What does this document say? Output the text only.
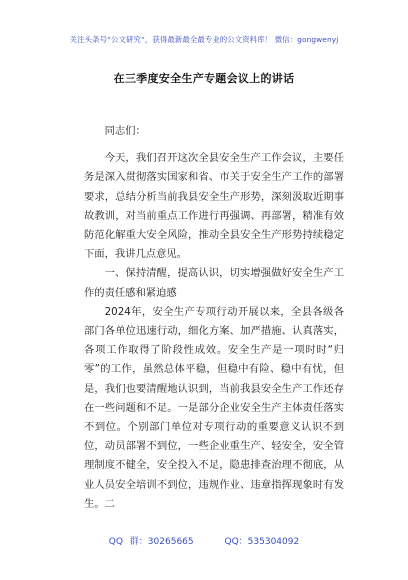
关注头条号“公文研究”，获得最新最全最专业的公文资料库！ 微信：gongwenyj
在三季度安全生产专题会议上的讲话

同志们：

今天，我们召开这次全县安全生产工作会议，主要任务是深入贯彻落实国家和省、市关于安全生产工作的部署要求，总结分析当前我县安全生产形势，深刻汲取近期事故教训，对当前重点工作进行再强调、再部署，精准有效防范化解重大安全风险，推动全县安全生产形势持续稳定下面，我讲几点意见。

一、保持清醒，提高认识，切实增强做好安全生产工作的责任感和紧迫感

2024年，安全生产专项行动开展以来，全县各级各部门各单位迅速行动，细化方案、加严措施、认真落实，各项工作取得了阶段性成效。安全生产是一项时时“归零”的工作，虽然总体平稳，但稳中有险、稳中有忧，但是，我们也要清醒地认识到，当前我县安全生产工作还存在一些问题和不足。一是部分企业安全生产主体责任落实不到位。个别部门单位对专项行动的重要意义认识不到位，动员部署不到位，一些企业重生产、轻安全，安全管理制度不健全，安全投入不足，隐患排查治理不彻底，从业人员安全培训不到位，违规作业、违章指挥现象时有发生。二

QQ 群：30265665	QQ：535304092
